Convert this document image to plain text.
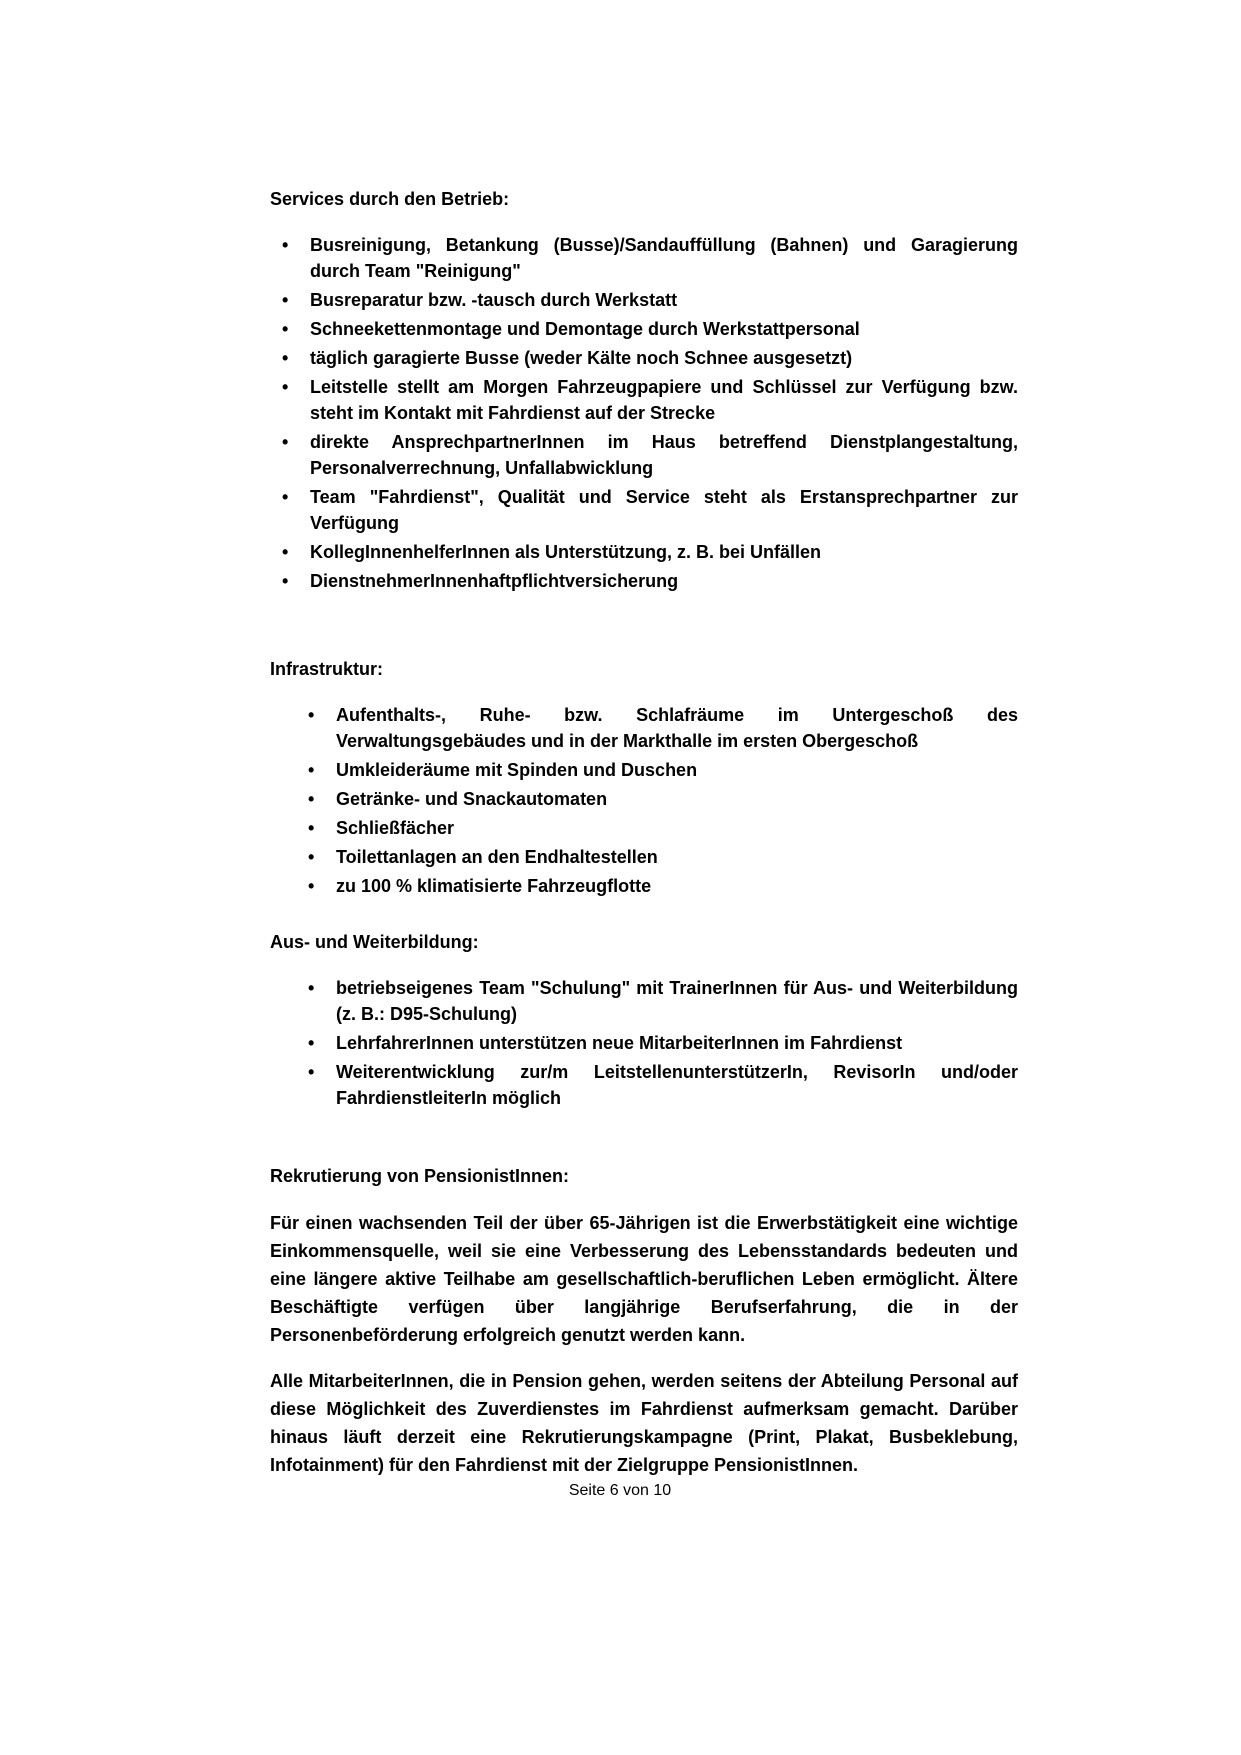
Services durch den Betrieb:
• Busreinigung, Betankung (Busse)/Sandauffüllung (Bahnen) und Garagierung durch Team "Reinigung"
• Busreparatur bzw. -tausch durch Werkstatt
• Schneekettenmontage und Demontage durch Werkstattpersonal
• täglich garagierte Busse (weder Kälte noch Schnee ausgesetzt)
• Leitstelle stellt am Morgen Fahrzeugpapiere und Schlüssel zur Verfügung bzw. steht im Kontakt mit Fahrdienst auf der Strecke
• direkte AnsprechpartnerInnen im Haus betreffend Dienstplangestaltung, Personalverrechnung, Unfallabwicklung
• Team "Fahrdienst", Qualität und Service steht als Erstansprechpartner zur Verfügung
• KollegInnenhelferInnen als Unterstützung, z. B. bei Unfällen
• DienstnehmerInnenhaftpflichtversicherung
Infrastruktur:
• Aufenthalts-, Ruhe- bzw. Schlafräume im Untergeschoß des Verwaltungsgebäudes und in der Markthalle im ersten Obergeschoß
• Umkleideräume mit Spinden und Duschen
• Getränke- und Snackautomaten
• Schließfächer
• Toilettanlagen an den Endhaltestellen
• zu 100 % klimatisierte Fahrzeugflotte
Aus- und Weiterbildung:
• betriebseigenes Team "Schulung" mit TrainerInnen für Aus- und Weiterbildung (z. B.: D95-Schulung)
• LehrfahrerInnen unterstützen neue MitarbeiterInnen im Fahrdienst
• Weiterentwicklung zur/m LeitstellenunterstützerIn, RevisorIn und/oder FahrdienstleiterIn möglich
Rekrutierung von PensionistInnen:

Für einen wachsenden Teil der über 65-Jährigen ist die Erwerbstätigkeit eine wichtige Einkommensquelle, weil sie eine Verbesserung des Lebensstandards bedeuten und eine längere aktive Teilhabe am gesellschaftlich-beruflichen Leben ermöglicht. Ältere Beschäftigte verfügen über langjährige Berufserfahrung, die in der Personenbeförderung erfolgreich genutzt werden kann.

Alle MitarbeiterInnen, die in Pension gehen, werden seitens der Abteilung Personal auf diese Möglichkeit des Zuverdienstes im Fahrdienst aufmerksam gemacht. Darüber hinaus läuft derzeit eine Rekrutierungskampagne (Print, Plakat, Busbeklebung, Infotainment) für den Fahrdienst mit der Zielgruppe PensionistInnen.

Seite 6 von 10
